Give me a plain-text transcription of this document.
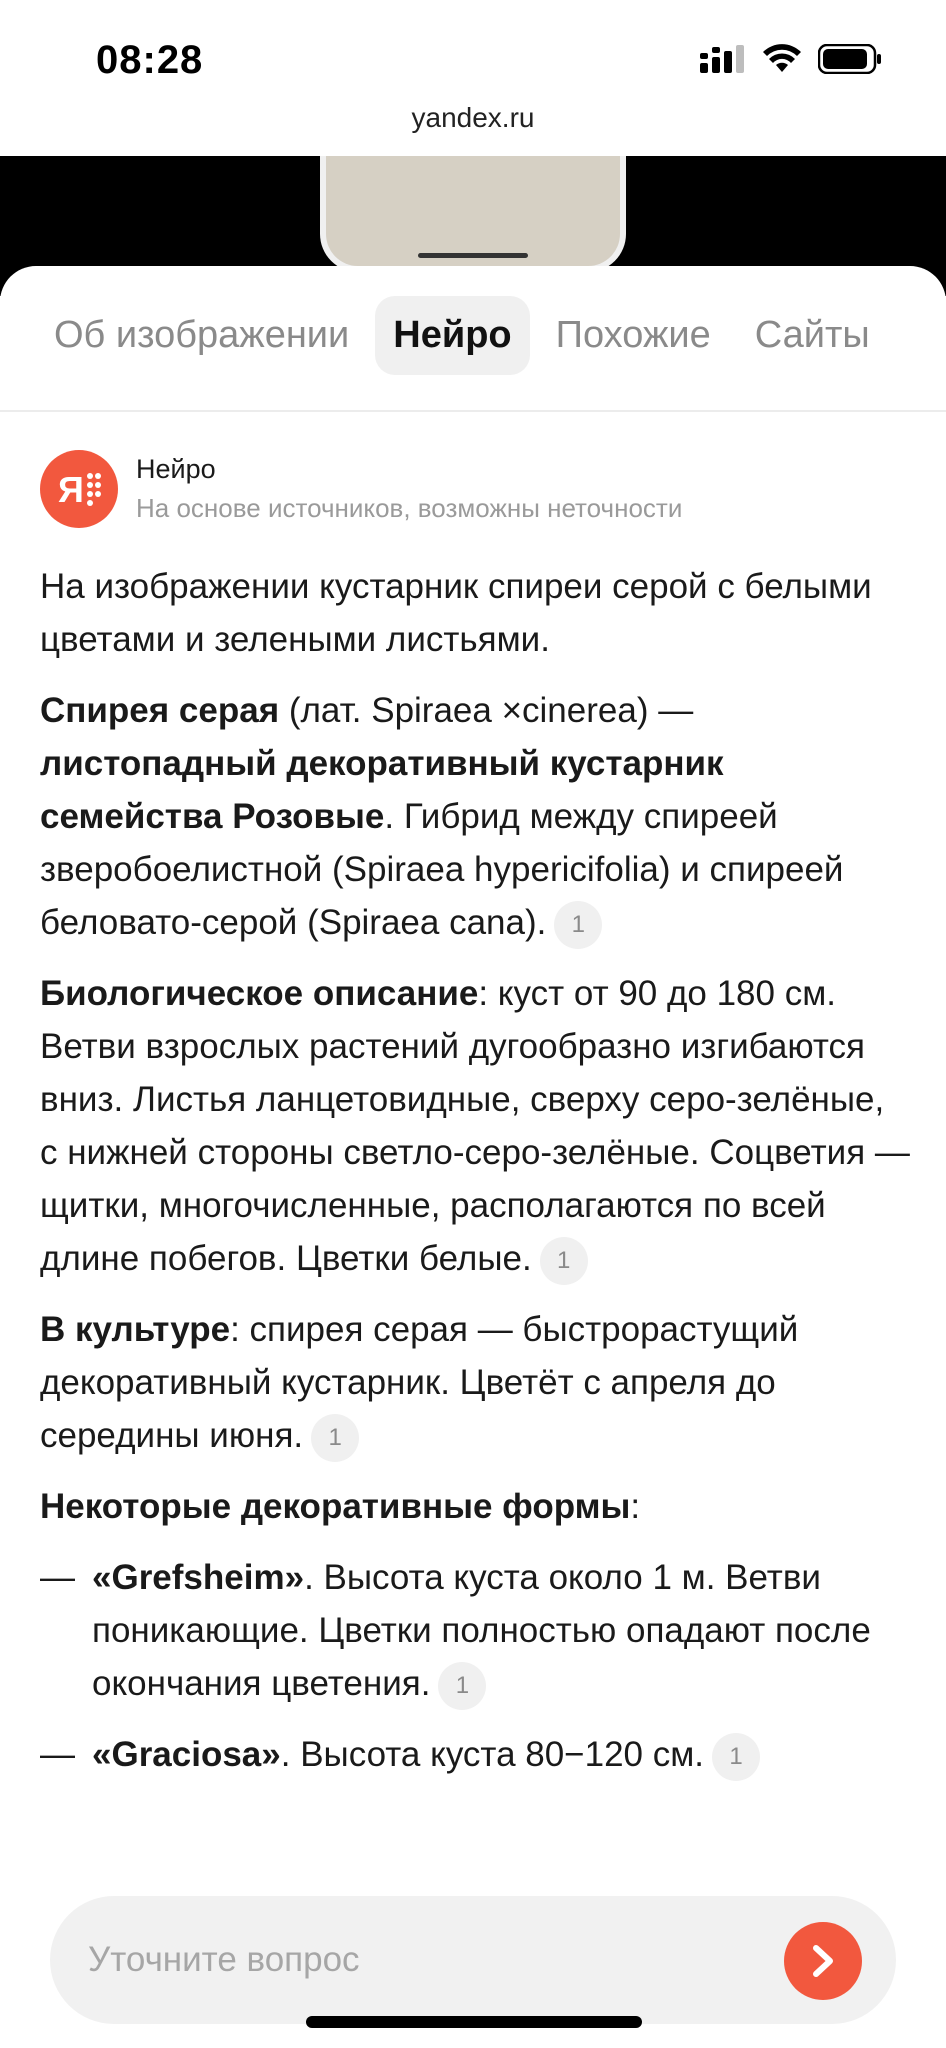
08:28
yandex.ru
Об изображении	Нейро	Похожие	Сайты
Я Нейро
На основе источников, возможны неточности

На изображении кустарник спиреи серой с белыми цветами и зелеными листьями.

Спирея серая (лат. Spiraea ×cinerea) — листопадный декоративный кустарник семейства Розовые. Гибрид между спиреей зверобоелистной (Spiraea hypericifolia) и спиреей беловато-серой (Spiraea cana). 1

Биологическое описание: куст от 90 до 180 см. Ветви взрослых растений дугообразно изгибаются вниз. Листья ланцетовидные, сверху серо-зелёные, с нижней стороны светло-серо-зелёные. Соцветия — щитки, многочисленные, располагаются по всей длине побегов. Цветки белые. 1

В культуре: спирея серая — быстрорастущий декоративный кустарник. Цветёт с апреля до середины июня. 1

Некоторые декоративные формы:

— «Grefsheim». Высота куста около 1 м. Ветви поникающие. Цветки полностью опадают после окончания цветения. 1
— «Graciosa». Высота куста 80−120 см. 1
Уточните вопрос
